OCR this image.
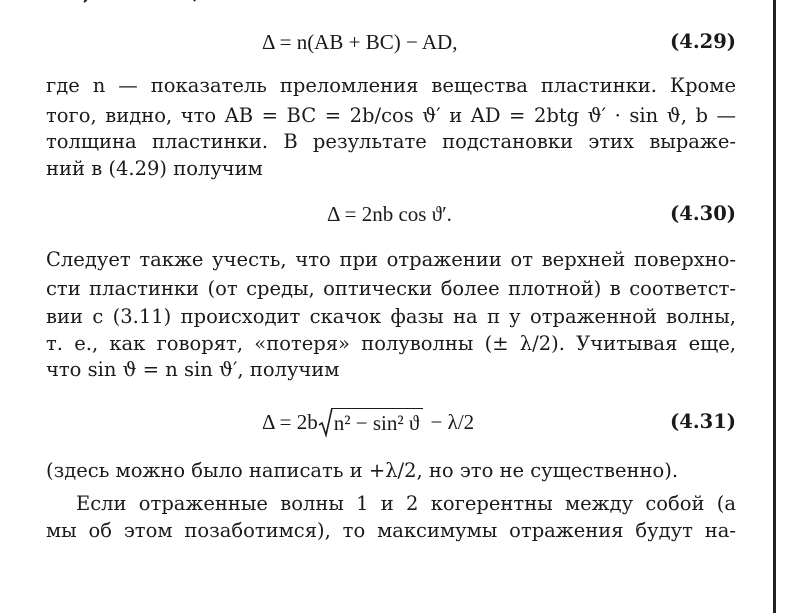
Δ = n(AB + BC) − AD,	(4.29)
где n — показатель преломления вещества пластинки. Кроме
того, видно, что AB = BC = 2b/cos ϑ′ и AD = 2btg ϑ′ · sin ϑ, b —
толщина пластинки. В результате подстановки этих выраже-
ний в (4.29) получим
Δ = 2nb cos ϑ′.	(4.30)
Следует также учесть, что при отражении от верхней поверхно-
сти пластинки (от среды, оптически более плотной) в соответст-
вии с (3.11) происходит скачок фазы на π у отраженной волны,
т. е., как говорят, «потеря» полуволны (± λ/2). Учитывая еще,
что sin ϑ = n sin ϑ′, получим
Δ = 2b n² − sin² ϑ − λ/2	(4.31)
(здесь можно было написать и +λ/2, но это не существенно).
Если отраженные волны 1 и 2 когерентны между собой (а
мы об этом позаботимся), то максимумы отражения будут на-
